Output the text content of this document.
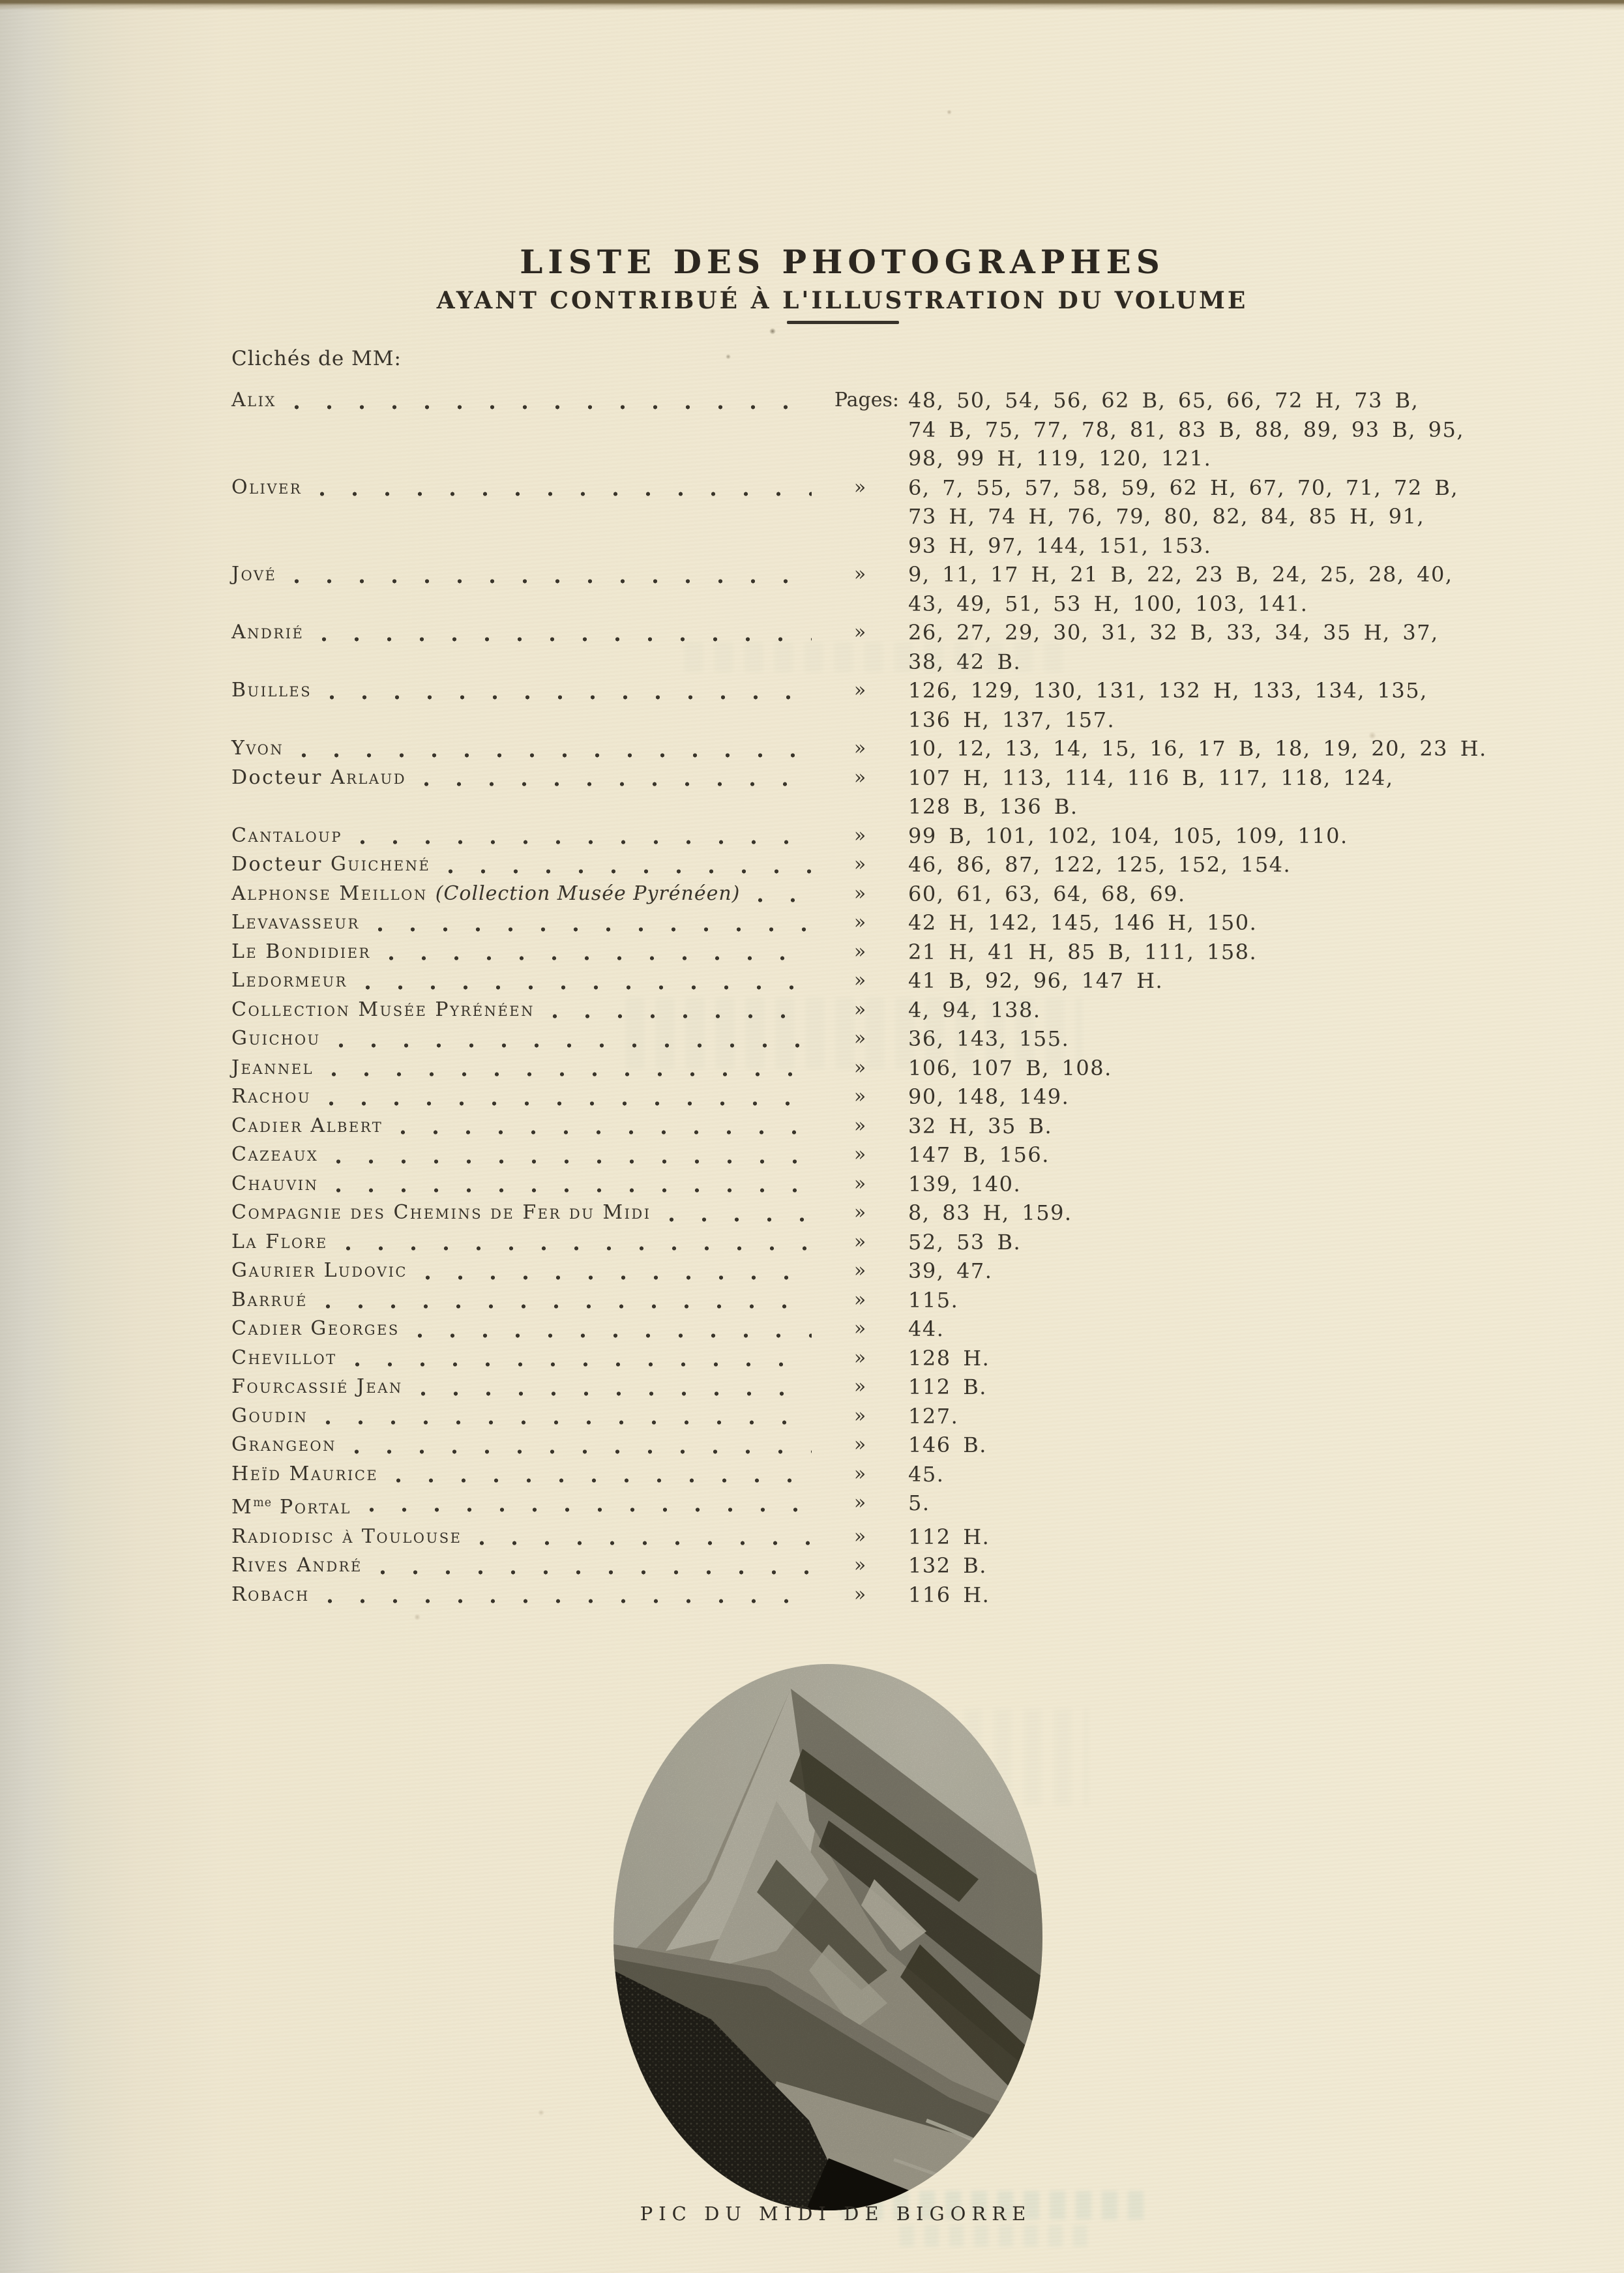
LISTE DES PHOTOGRAPHES
AYANT CONTRIBUÉ À L'ILLUSTRATION DU VOLUME
Clichés de MM:
Alix	Pages: 48, 50, 54, 56, 62 B, 65, 66, 72 H, 73 B,
74 B, 75, 77, 78, 81, 83 B, 88, 89, 93 B, 95,
98, 99 H, 119, 120, 121.
Oliver	»	6, 7, 55, 57, 58, 59, 62 H, 67, 70, 71, 72 B,
73 H, 74 H, 76, 79, 80, 82, 84, 85 H, 91,
93 H, 97, 144, 151, 153.
Jové	»	9, 11, 17 H, 21 B, 22, 23 B, 24, 25, 28, 40,
43, 49, 51, 53 H, 100, 103, 141.
Andrié	»	26, 27, 29, 30, 31, 32 B, 33, 34, 35 H, 37,
38, 42 B.
Builles	»	126, 129, 130, 131, 132 H, 133, 134, 135,
136 H, 137, 157.
Yvon	»	10, 12, 13, 14, 15, 16, 17 B, 18, 19, 20, 23 H.
Docteur Arlaud	»	107 H, 113, 114, 116 B, 117, 118, 124,
128 B, 136 B.
Cantaloup	»	99 B, 101, 102, 104, 105, 109, 110.
Docteur Guichené	»	46, 86, 87, 122, 125, 152, 154.
Alphonse Meillon (Collection Musée Pyrénéen)	»	60, 61, 63, 64, 68, 69.
Levavasseur	»	42 H, 142, 145, 146 H, 150.
Le Bondidier	»	21 H, 41 H, 85 B, 111, 158.
Ledormeur	»	41 B, 92, 96, 147 H.
Collection Musée Pyrénéen	»	4, 94, 138.
Guichou	»	36, 143, 155.
Jeannel	»	106, 107 B, 108.
Rachou	»	90, 148, 149.
Cadier Albert	»	32 H, 35 B.
Cazeaux	»	147 B, 156.
Chauvin	»	139, 140.
Compagnie des Chemins de Fer du Midi	»	8, 83 H, 159.
La Flore	»	52, 53 B.
Gaurier Ludovic	»	39, 47.
Barrué	»	115.
Cadier Georges	»	44.
Chevillot	»	128 H.
Fourcassié Jean	»	112 B.
Goudin	»	127.
Grangeon	»	146 B.
Heïd Maurice	»	45.
$M^{me}$ Portal	»	5.
Radiodisc à Toulouse	»	112 H.
Rives André	»	132 B.
Robach	»	116 H.
PIC DU MIDI DE BIGORRE
